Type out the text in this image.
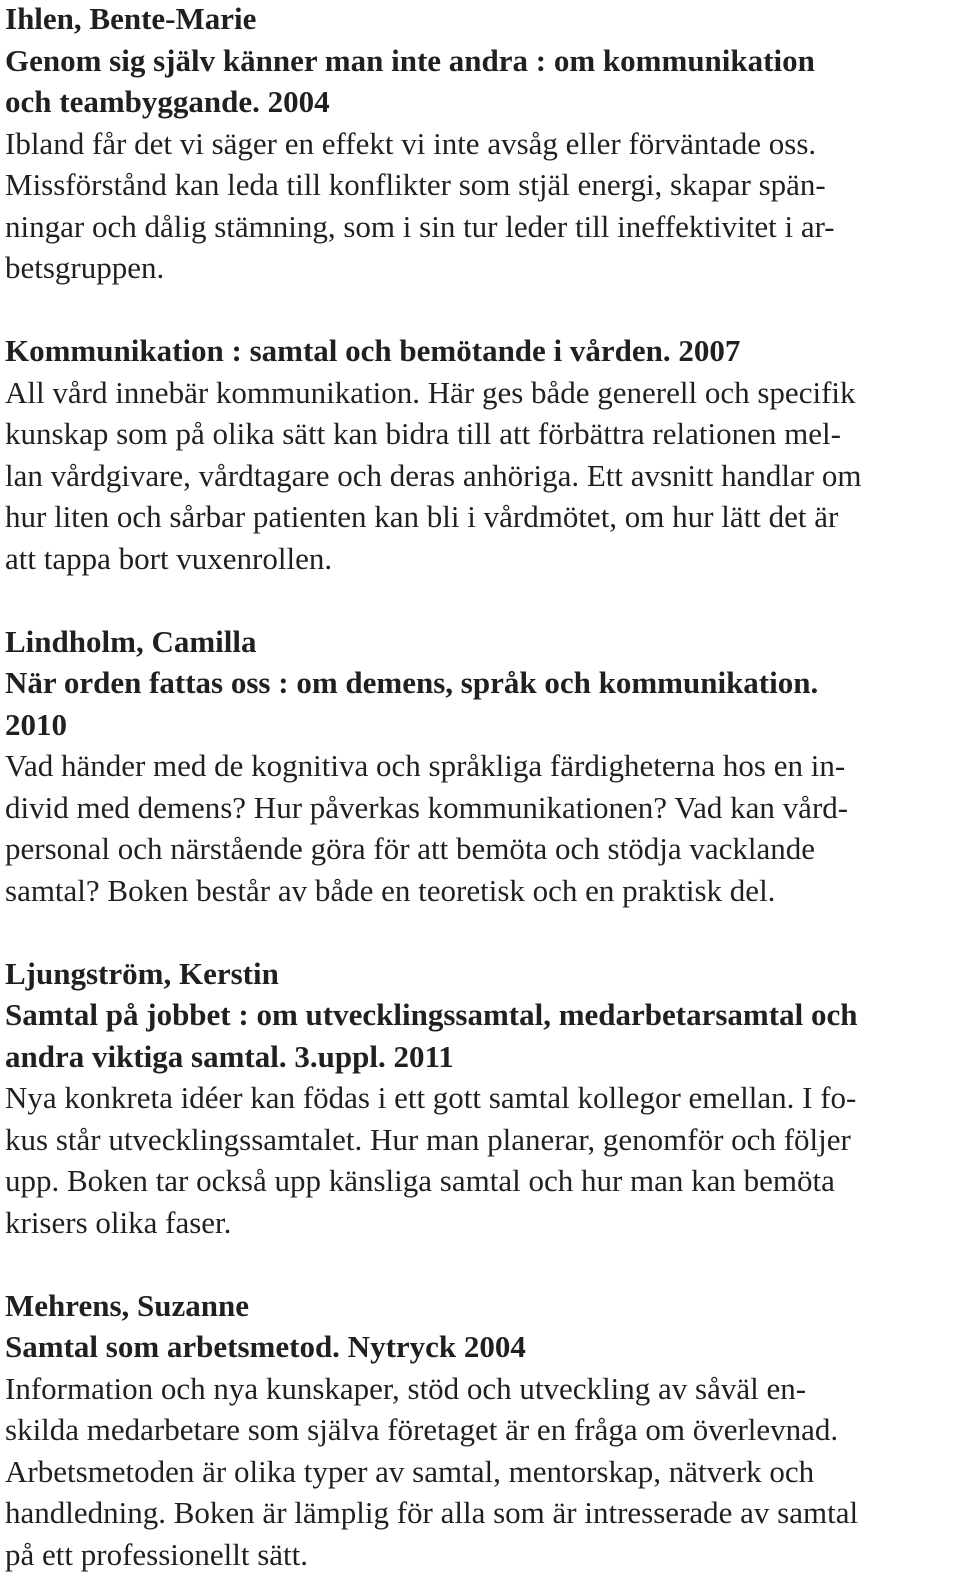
Ihlen, Bente-Marie
Genom sig själv känner man inte andra : om kommunikation
och teambyggande. 2004
Ibland får det vi säger en effekt vi inte avsåg eller förväntade oss.
Missförstånd kan leda till konflikter som stjäl energi, skapar spän-
ningar och dålig stämning, som i sin tur leder till ineffektivitet i ar-
betsgruppen.
Kommunikation : samtal och bemötande i vården. 2007
All vård innebär kommunikation. Här ges både generell och specifik
kunskap som på olika sätt kan bidra till att förbättra relationen mel-
lan vårdgivare, vårdtagare och deras anhöriga. Ett avsnitt handlar om
hur liten och sårbar patienten kan bli i vårdmötet, om hur lätt det är
att tappa bort vuxenrollen.
Lindholm, Camilla
När orden fattas oss : om demens, språk och kommunikation.
2010
Vad händer med de kognitiva och språkliga färdigheterna hos en in-
divid med demens? Hur påverkas kommunikationen? Vad kan vård-
personal och närstående göra för att bemöta och stödja vacklande
samtal? Boken består av både en teoretisk och en praktisk del.
Ljungström, Kerstin
Samtal på jobbet : om utvecklingssamtal, medarbetarsamtal och
andra viktiga samtal. 3.uppl. 2011
Nya konkreta idéer kan födas i ett gott samtal kollegor emellan. I fo-
kus står utvecklingssamtalet. Hur man planerar, genomför och följer
upp. Boken tar också upp känsliga samtal och hur man kan bemöta
krisers olika faser.
Mehrens, Suzanne
Samtal som arbetsmetod. Nytryck 2004
Information och nya kunskaper, stöd och utveckling av såväl en-
skilda medarbetare som själva företaget är en fråga om överlevnad.
Arbetsmetoden är olika typer av samtal, mentorskap, nätverk och
handledning. Boken är lämplig för alla som är intresserade av samtal
på ett professionellt sätt.
